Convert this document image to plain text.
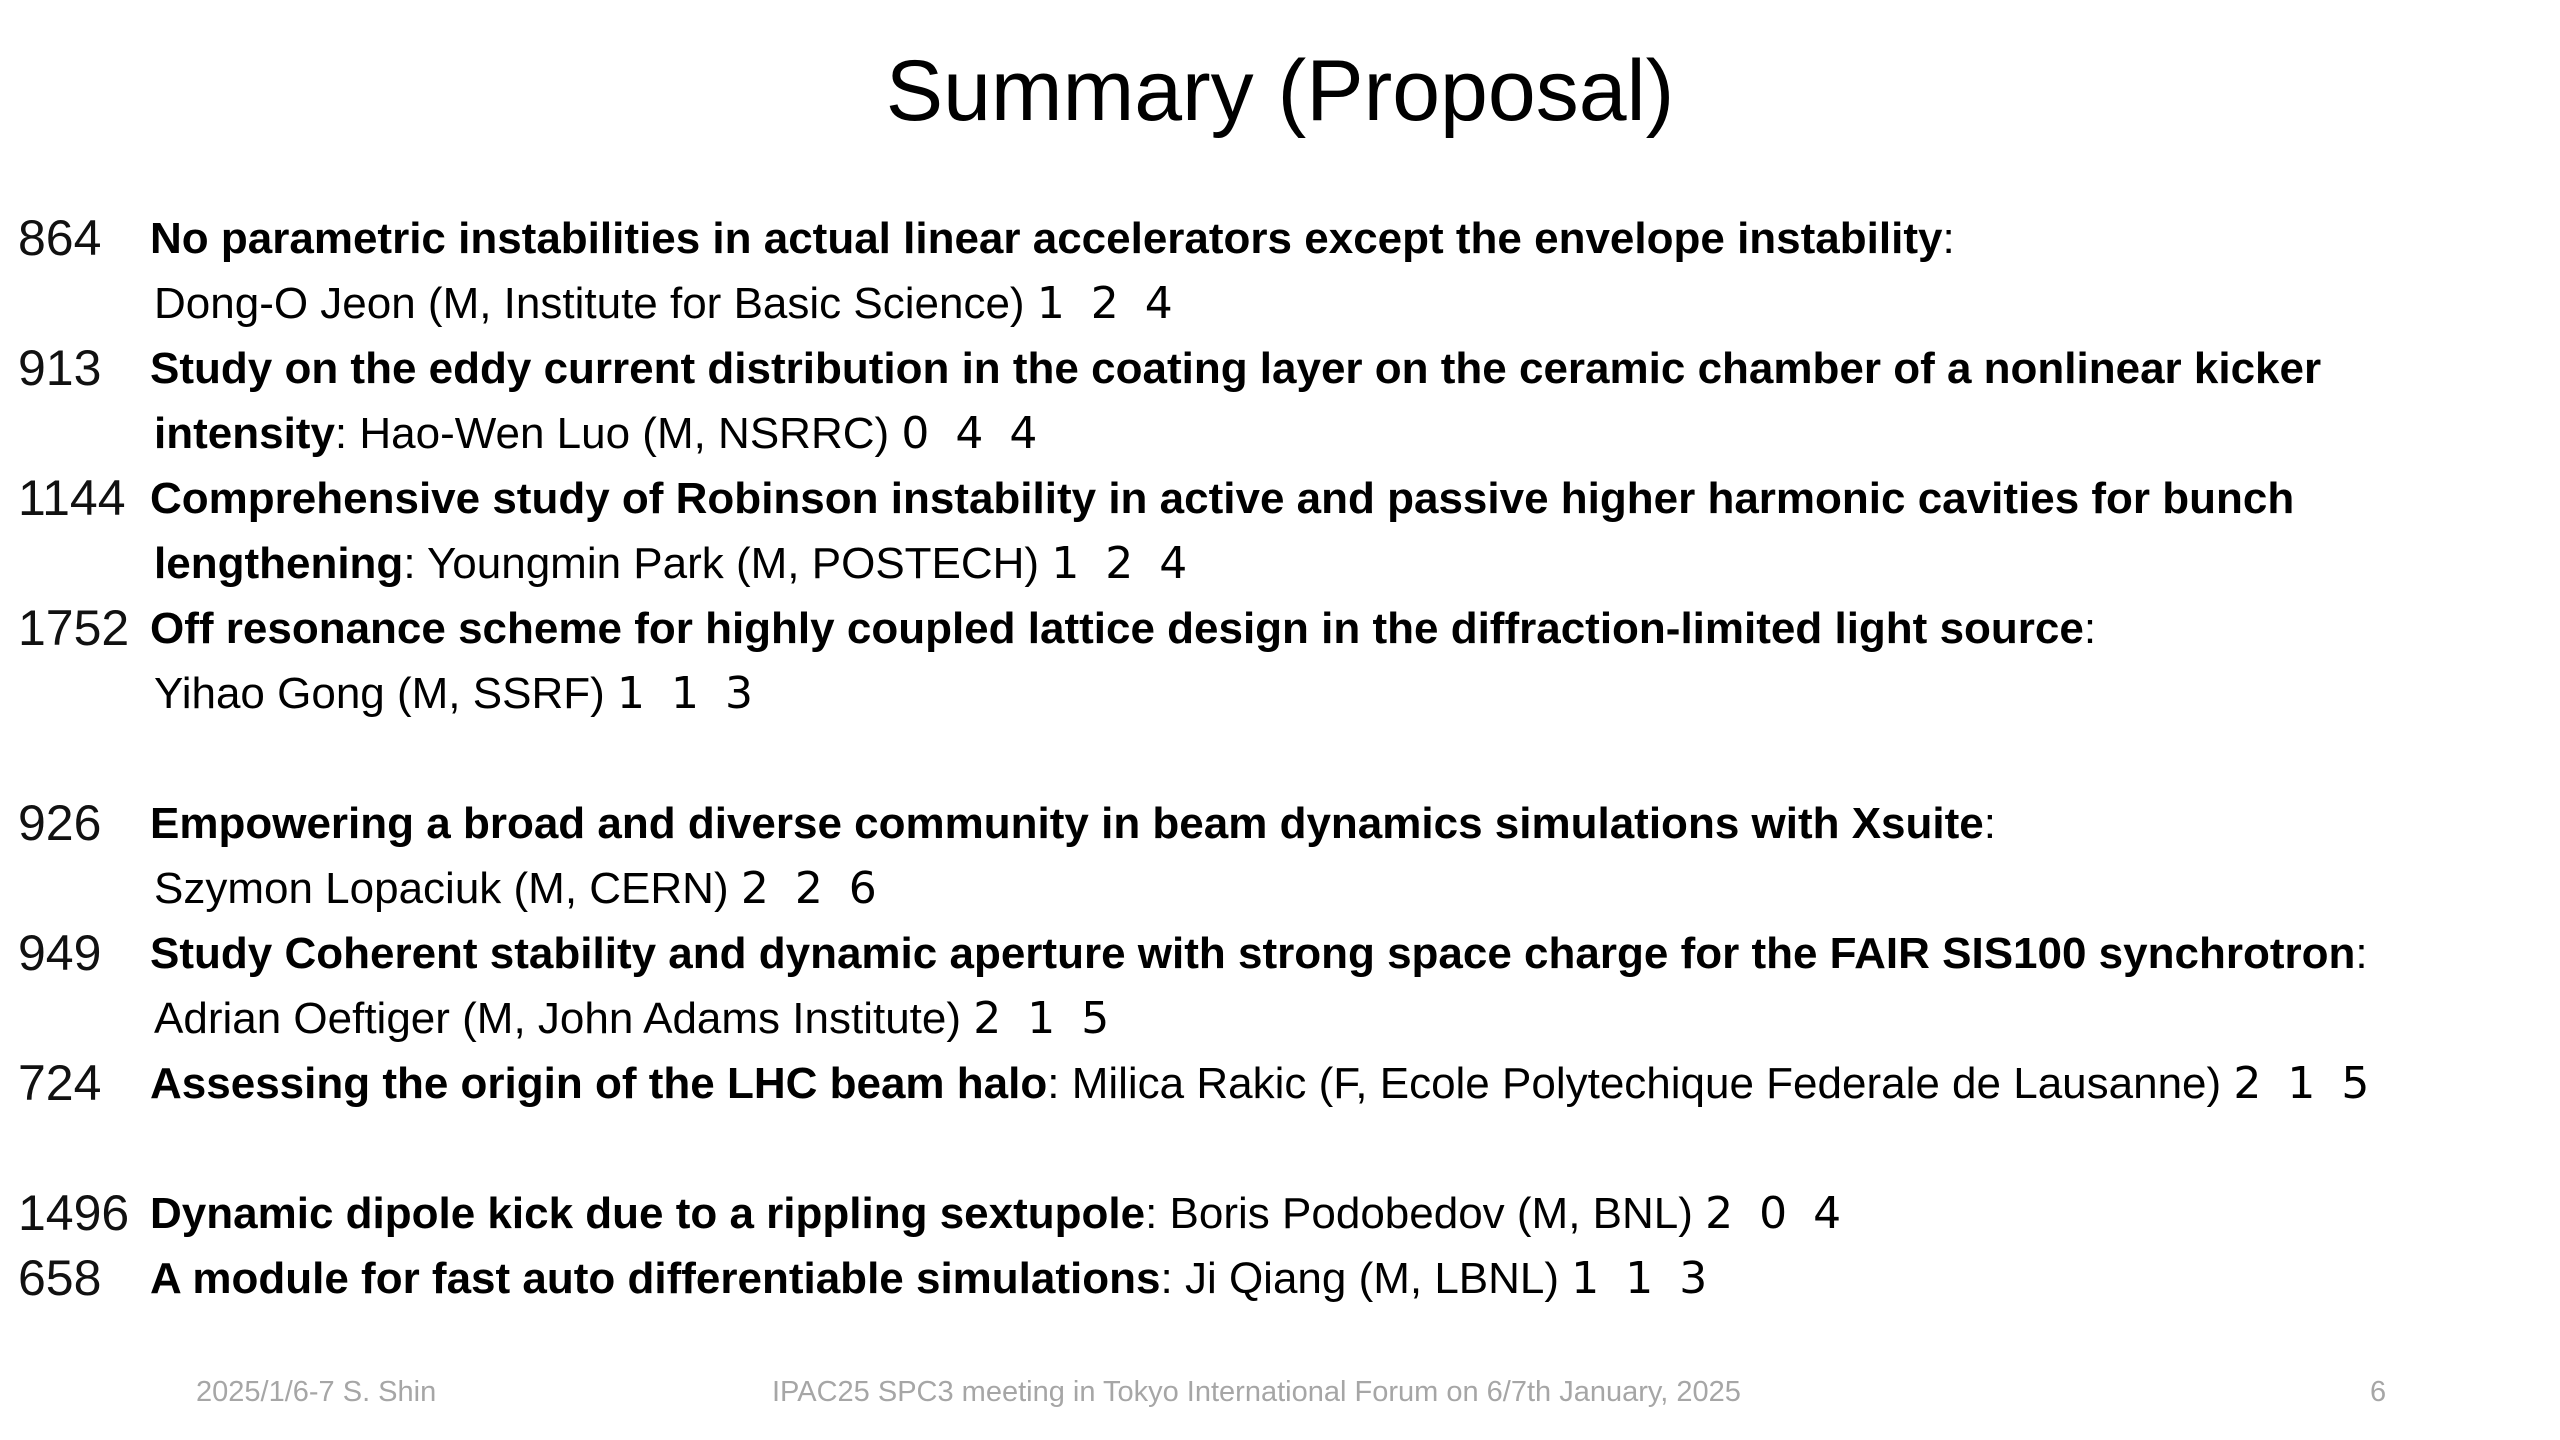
Summary (Proposal)
864	No parametric instabilities in actual linear accelerators except the envelope instability:
Dong-O Jeon (M, Institute for Basic Science) 1 2 4
913	Study on the eddy current distribution in the coating layer on the ceramic chamber of a nonlinear kicker
intensity: Hao-Wen Luo (M, NSRRC) 0 4 4
1144 Comprehensive study of Robinson instability in active and passive higher harmonic cavities for bunch
lengthening: Youngmin Park (M, POSTECH) 1 2 4
1752 Off resonance scheme for highly coupled lattice design in the diffraction-limited light source:
Yihao Gong (M, SSRF) 1 1 3
926	Empowering a broad and diverse community in beam dynamics simulations with Xsuite:
Szymon Lopaciuk (M, CERN) 2 2 6
949	Study Coherent stability and dynamic aperture with strong space charge for the FAIR SIS100 synchrotron:
Adrian Oeftiger (M, John Adams Institute) 2 1 5
724	Assessing the origin of the LHC beam halo: Milica Rakic (F, Ecole Polytechique Federale de Lausanne) 2 1 5
1496 Dynamic dipole kick due to a rippling sextupole: Boris Podobedov (M, BNL) 2 0 4
658	A module for fast auto differentiable simulations: Ji Qiang (M, LBNL) 1 1 3
2025/1/6-7 S. Shin	IPAC25 SPC3 meeting in Tokyo International Forum on 6/7th January, 2025	6
